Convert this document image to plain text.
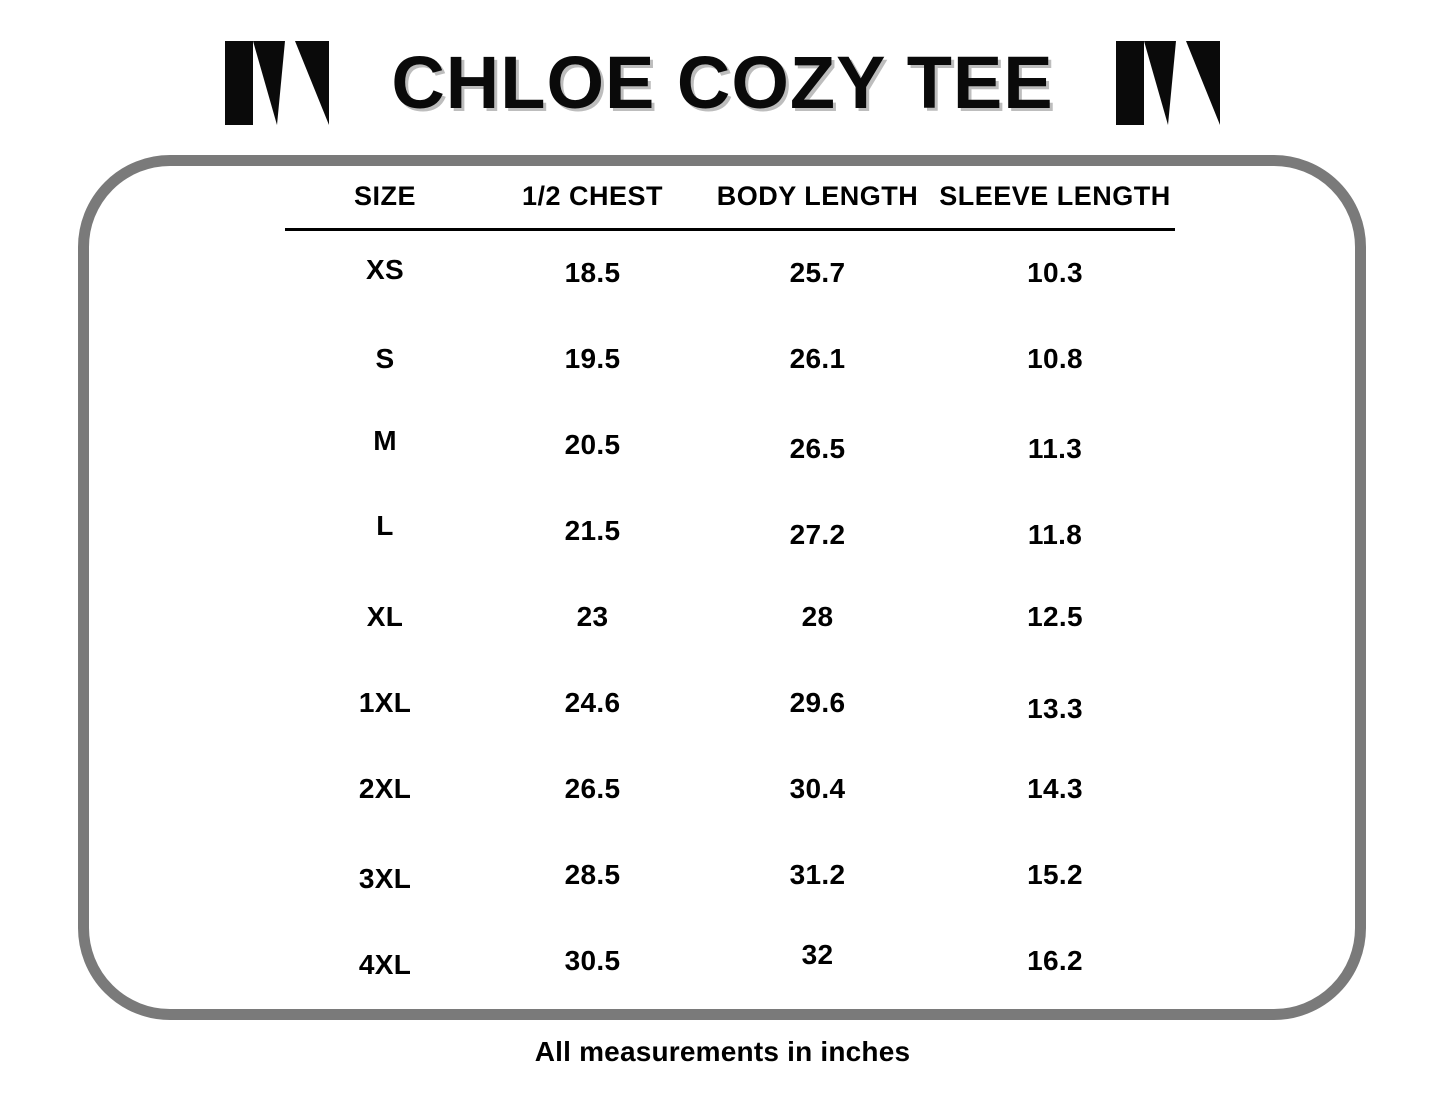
CHLOE COZY TEE
SIZE	1/2 CHEST	BODY LENGTH	SLEEVE LENGTH

XS	18.5	25.7	10.3
S	19.5	26.1	10.8
M	20.5	26.5	11.3
L	21.5	27.2	11.8
XL	23	28	12.5
1XL	24.6	29.6	13.3
2XL	26.5	30.4	14.3
3XL	28.5	31.2	15.2
4XL	30.5	32	16.2
All measurements in inches
